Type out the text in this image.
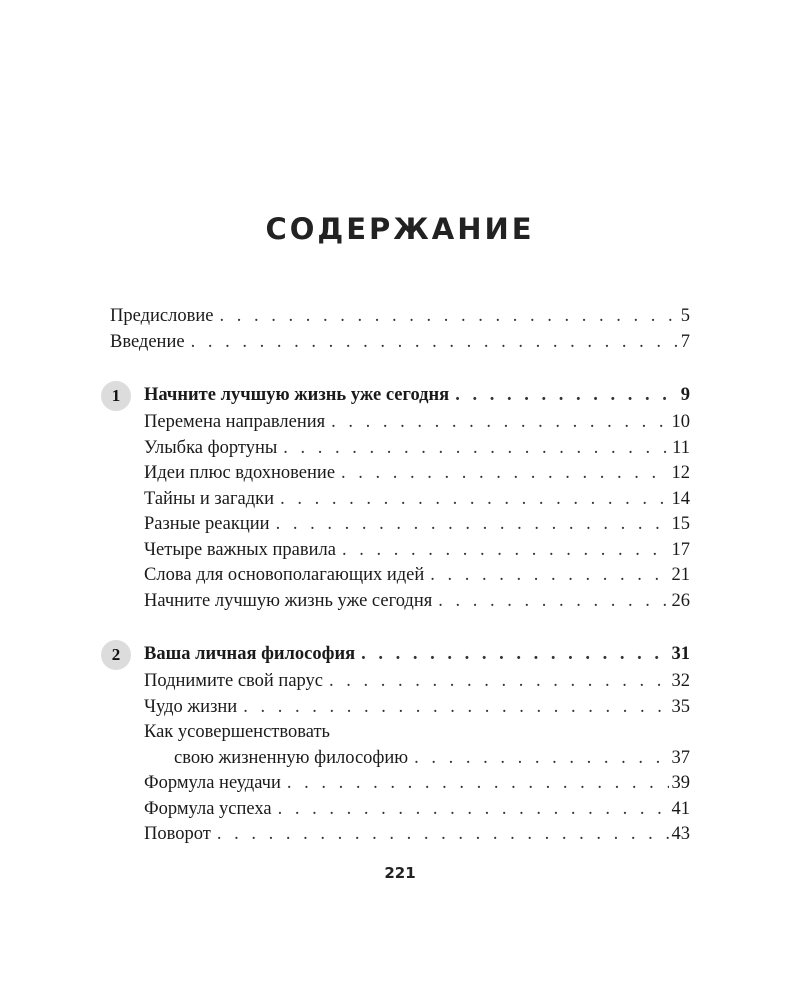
СОДЕРЖАНИЕ
Предисловие . . .	5
Введение . . .	7
1	Начните лучшую жизнь уже сегодня . . .	9
Перемена направления . . .	10
Улыбка фортуны . . .	11
Идеи плюс вдохновение . . .	12
Тайны и загадки . . .	14
Разные реакции . . .	15
Четыре важных правила . . .	17
Слова для основополагающих идей . . .	21
Начните лучшую жизнь уже сегодня . . .	26
2	Ваша личная философия . . .	31
Поднимите свой парус . . .	32
Чудо жизни . . .	35
Как усовершенствовать
свою жизненную философию . . .	37
Формула неудачи . . .	39
Формула успеха . . .	41
Поворот . . .	43
221
